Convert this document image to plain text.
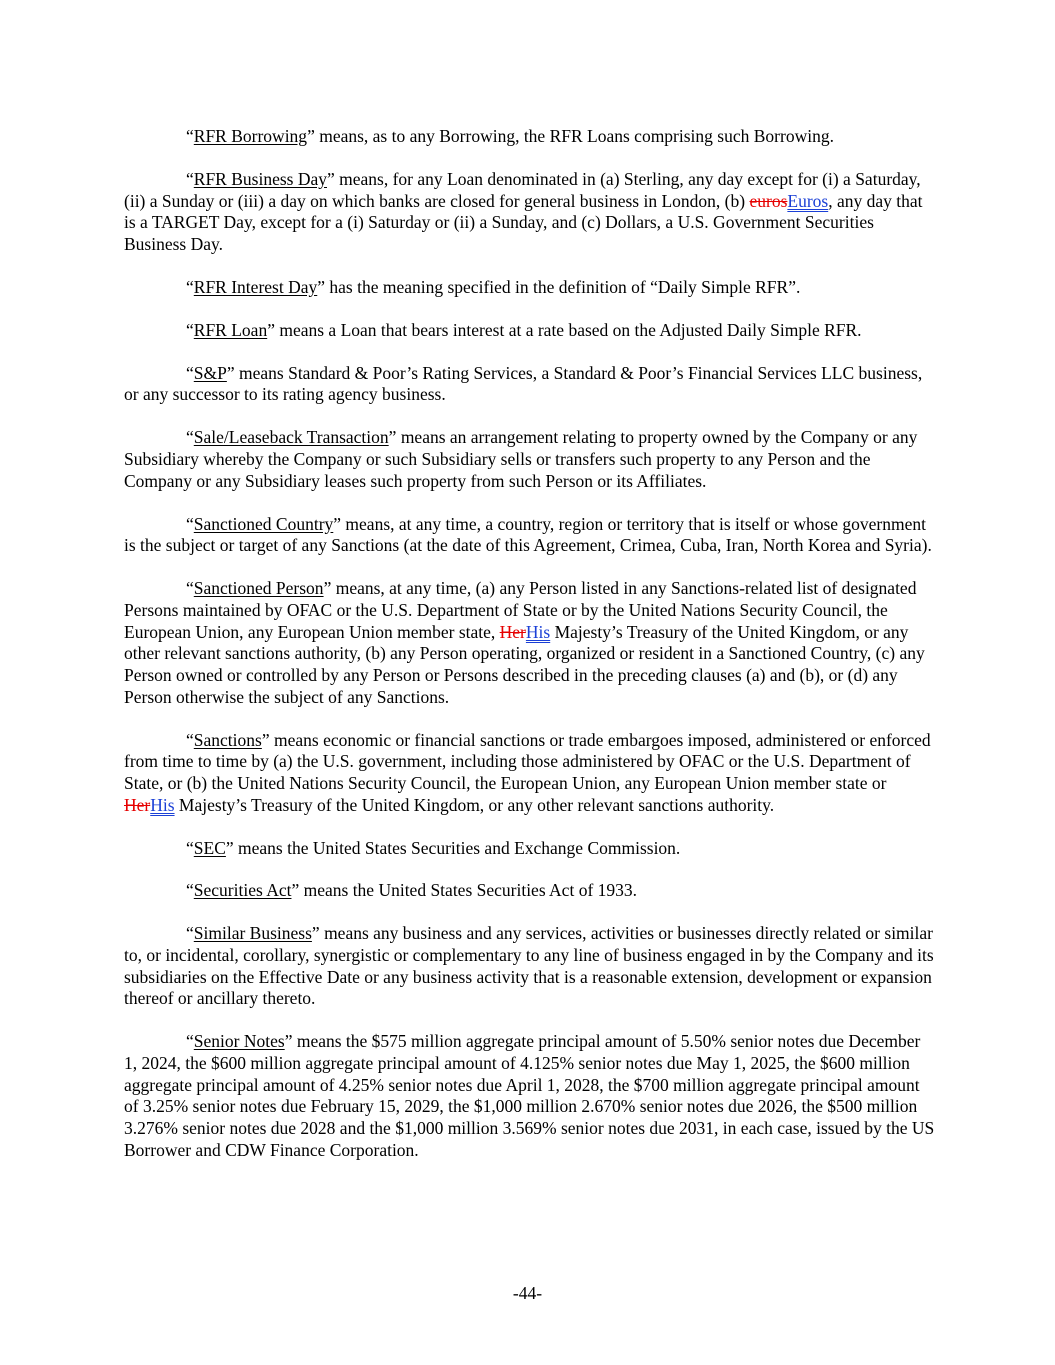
“RFR Borrowing” means, as to any Borrowing, the RFR Loans comprising such Borrowing.

“RFR Business Day” means, for any Loan denominated in (a) Sterling, any day except for (i) a Saturday, (ii) a Sunday or (iii) a day on which banks are closed for general business in London, (b) eurosEuros, any day that is a TARGET Day, except for a (i) Saturday or (ii) a Sunday, and (c) Dollars, a U.S. Government Securities Business Day.

“RFR Interest Day” has the meaning specified in the definition of “Daily Simple RFR”.

“RFR Loan” means a Loan that bears interest at a rate based on the Adjusted Daily Simple RFR.

“S&P” means Standard & Poor’s Rating Services, a Standard & Poor’s Financial Services LLC business, or any successor to its rating agency business.

“Sale/Leaseback Transaction” means an arrangement relating to property owned by the Company or any Subsidiary whereby the Company or such Subsidiary sells or transfers such property to any Person and the Company or any Subsidiary leases such property from such Person or its Affiliates.

“Sanctioned Country” means, at any time, a country, region or territory that is itself or whose government is the subject or target of any Sanctions (at the date of this Agreement, Crimea, Cuba, Iran, North Korea and Syria).

“Sanctioned Person” means, at any time, (a) any Person listed in any Sanctions-related list of designated Persons maintained by OFAC or the U.S. Department of State or by the United Nations Security Council, the European Union, any European Union member state, HerHis Majesty’s Treasury of the United Kingdom, or any other relevant sanctions authority, (b) any Person operating, organized or resident in a Sanctioned Country, (c) any Person owned or controlled by any Person or Persons described in the preceding clauses (a) and (b), or (d) any Person otherwise the subject of any Sanctions.

“Sanctions” means economic or financial sanctions or trade embargoes imposed, administered or enforced from time to time by (a) the U.S. government, including those administered by OFAC or the U.S. Department of State, or (b) the United Nations Security Council, the European Union, any European Union member state or HerHis Majesty’s Treasury of the United Kingdom, or any other relevant sanctions authority.

“SEC” means the United States Securities and Exchange Commission.

“Securities Act” means the United States Securities Act of 1933.

“Similar Business” means any business and any services, activities or businesses directly related or similar to, or incidental, corollary, synergistic or complementary to any line of business engaged in by the Company and its subsidiaries on the Effective Date or any business activity that is a reasonable extension, development or expansion thereof or ancillary thereto.

“Senior Notes” means the $575 million aggregate principal amount of 5.50% senior notes due December 1, 2024, the $600 million aggregate principal amount of 4.125% senior notes due May 1, 2025, the $600 million aggregate principal amount of 4.25% senior notes due April 1, 2028, the $700 million aggregate principal amount of 3.25% senior notes due February 15, 2029, the $1,000 million 2.670% senior notes due 2026, the $500 million 3.276% senior notes due 2028 and the $1,000 million 3.569% senior notes due 2031, in each case, issued by the US Borrower and CDW Finance Corporation.

-44-
